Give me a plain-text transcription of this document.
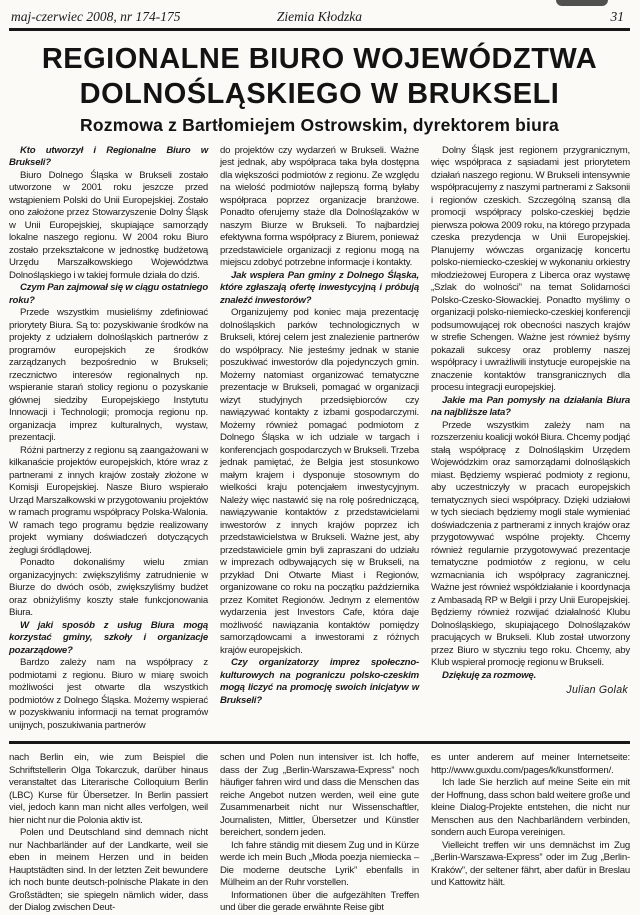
maj-czerwiec 2008, nr 174-175	Ziemia Kłodzka	31
REGIONALNE BIURO WOJEWÓDZTWA
DOLNOŚLĄSKIEGO W BRUKSELI
Rozmowa z Bartłomiejem Ostrowskim, dyrektorem biura

Kto utworzył i Regionalne Biuro w Brukseli?

Biuro Dolnego Śląska w Brukseli zostało utworzone w 2001 roku jeszcze przed wstąpieniem Polski do Unii Europejskiej. Zostało ono założone przez Stowarzyszenie Dolny Śląsk w Unii Europejskiej, skupiające samorządy lokalne naszego regionu. W 2004 roku Biuro zostało przekształcone w jednostkę budżetową Urzędu Marszałkowskiego Województwa Dolnośląskiego i w takiej formule działa do dziś.

Czym Pan zajmował się w ciągu ostatniego roku?

Przede wszystkim musieliśmy zdefiniować priorytety Biura. Są to: pozyskiwanie środków na projekty z udziałem dolnośląskich partnerów z programów europejskich ze środków zarządzanych bezpośrednio w Brukseli; rzecznictwo interesów regionalnych np. wspieranie starań stolicy regionu o pozyskanie głównej siedziby Europejskiego Instytutu Innowacji i Technologii; promocja regionu np. organizacja imprez kulturalnych, wystaw, prezentacji.

Różni partnerzy z regionu są zaangażowani w kilkanaście projektów europejskich, które wraz z partnerami z innych krajów zostały złożone w Komisji Europejskiej. Nasze Biuro wspierało Urząd Marszałkowski w przygotowaniu projektów w ramach programu współpracy Polska-Walonia. W ramach tego programu będzie realizowany projekt wymiany doświadczeń dotyczących żeglugi śródlądowej.

Ponadto dokonaliśmy wielu zmian organizacyjnych: zwiększyliśmy zatrudnienie w Biurze do dwóch osób, zwiększyliśmy budżet oraz obniżyliśmy koszty stałe funkcjonowania Biura.

W jaki sposób z usług Biura mogą korzystać gminy, szkoły i organizacje pozarządowe?

Bardzo zależy nam na współpracy z podmiotami z regionu. Biuro w miarę swoich możliwości jest otwarte dla wszystkich podmiotów z Dolnego Śląska. Możemy wspierać w pozyskiwaniu informacji na temat programów unijnych, poszukiwania partnerów

do projektów czy wydarzeń w Brukseli. Ważne jest jednak, aby współpraca taka była dostępna dla większości podmiotów z regionu. Ze względu na wielość podmiotów najlepszą formą byłaby współpraca poprzez organizacje branżowe. Ponadto oferujemy staże dla Dolnoślązaków w naszym Biurze w Brukseli. To najbardziej efektywna forma współpracy z Biurem, ponieważ przedstawiciele organizacji z regionu mogą na miejscu zdobyć potrzebne informacje i kontakty.

Jak wspiera Pan gminy z Dolnego Śląska, które zgłaszają ofertę inwestycyjną i próbują znaleźć inwestorów?

Organizujemy pod koniec maja prezentację dolnośląskich parków technologicznych w Brukseli, której celem jest znalezienie partnerów do współpracy. Nie jesteśmy jednak w stanie poszukiwać inwestorów dla pojedynczych gmin. Możemy natomiast organizować tematyczne prezentacje w Brukseli, pomagać w organizacji wizyt studyjnych przedsiębiorców czy nawiązywać kontakty z izbami gospodarczymi. Możemy również pomagać podmiotom z Dolnego Śląska w ich udziale w targach i konferencjach gospodarczych w Brukseli. Trzeba jednak pamiętać, że Belgia jest stosunkowo małym krajem i dysponuje stosownym do wielkości kraju potencjałem inwestycyjnym. Należy więc nastawić się na rolę pośredniczącą, nawiązywanie kontaktów z przedstawicielami inwestorów z innych krajów poprzez ich przedstawicielstwa w Brukseli. Ważne jest, aby przedstawiciele gmin byli zapraszani do udziału w imprezach odbywających się w Brukseli, na przykład Dni Otwarte Miast i Regionów, organizowane co roku na początku października przez Komitet Regionów. Jednym z elementów wydarzenia jest Investors Cafe, która daje możliwość nawiązania kontaktów pomiędzy samorządowcami a inwestorami z różnych krajów europejskich.

Czy organizatorzy imprez społeczno-kulturowych na pograniczu polsko-czeskim mogą liczyć na promocję swoich inicjatyw w Brukseli?

Dolny Śląsk jest regionem przygranicznym, więc współpraca z sąsiadami jest priorytetem działań naszego regionu. W Brukseli intensywnie współpracujemy z naszymi partnerami z Saksonii i regionów czeskich. Szczególną szansą dla promocji współpracy polsko-czeskiej będzie pierwsza połowa 2009 roku, na którego przypada czeska prezydencja w Unii Europejskiej. Planujemy wówczas organizację koncertu polsko-niemiecko-czeskiej w wykonaniu orkiestry młodzieżowej Europera z Liberca oraz wystawę „Szlak do wolności” na temat Solidarności Polsko-Czesko-Słowackiej. Ponadto myślimy o organizacji polsko-niemiecko-czeskiej konferencji podsumowującej rok obecności naszych krajów w strefie Schengen. Ważne jest również byśmy pokazali sukcesy oraz problemy naszej współpracy i uwrażliwili instytucje europejskie na znaczenie kontaktów transgranicznych dla procesu integracji europejskiej.

Jakie ma Pan pomysły na działania Biura na najbliższe lata?

Przede wszystkim zależy nam na rozszerzeniu koalicji wokół Biura. Chcemy podjąć stałą współpracę z Dolnośląskim Urzędem Wojewódzkim oraz samorządami dolnośląskich miast. Będziemy wspierać podmioty z regionu, aby uczestniczyły w pracach europejskich tematycznych sieci współpracy. Dzięki udziałowi w tych sieciach będziemy mogli stale wymieniać doświadczenia z partnerami z innych krajów oraz przygotowywać wspólne projekty. Chcemy również regularnie przygotowywać prezentacje tematyczne podmiotów z regionu, w celu wzmacniania ich współpracy zagranicznej. Ważne jest również współdziałanie i koordynacja z Ambasadą RP w Belgii i przy Unii Europejskiej. Będziemy również rozwijać działalność Klubu Dolnośląskiego, skupiającego Dolnoślązaków pracujących w Brukseli. Klub został utworzony przez Biuro w styczniu tego roku. Chcemy, aby Klub wspierał promocję regionu w Brukseli.

Dziękuję za rozmowę.

Julian Golak

nach Berlin ein, wie zum Beispiel die Schriftstellerin Olga Tokarczuk, darüber hinaus veranstaltet das Literarische Colloquium Berlin (LBC) Kurse für Übersetzer. In Berlin passiert viel, jedoch kann man nicht alles verfolgen, weil hier nicht nur die Polonia aktiv ist.

Polen und Deutschland sind demnach nicht nur Nachbarländer auf der Landkarte, weil sie eben in meinem Herzen und in beiden Hauptstädten sind. In der letzten Zeit bewundere ich noch bunte deutsch-polnische Plakate in den Großstädten; sie spiegeln nämlich wider, dass der Dialog zwischen Deut-

schen und Polen nun intensiver ist. Ich hoffe, dass der Zug „Berlin-Warszawa-Express” noch häufiger fahren wird und dass die Menschen das reiche Angebot nutzen werden, weil eine gute Zusammenarbeit nicht nur Wissenschaftler, Journalisten, Mittler, Übersetzer und Künstler bereichert, sondern jeden.

Ich fahre ständig mit diesem Zug und in Kürze werde ich mein Buch „Młoda poezja niemiecka – Die moderne deutsche Lyrik” ebenfalls in Mülheim an der Ruhr vorstellen.

Informationen über die aufgezählten Treffen und über die gerade erwähnte Reise gibt

es unter anderem auf meiner Internetseite: http://www.guxdu.com/pages/k/kunstformen/.

Ich lade Sie herzlich auf meine Seite ein mit der Hoffnung, dass schon bald weitere große und kleine Dialog-Projekte entstehen, die nicht nur Menschen aus den Nachbarländern verbinden, sondern auch Europa vereinigen.

Vielleicht treffen wir uns demnächst im Zug „Berlin-Warszawa-Express” oder im Zug „Berlin-Kraków”, der seltener fährt, aber dafür in Breslau und Kattowitz hält.
